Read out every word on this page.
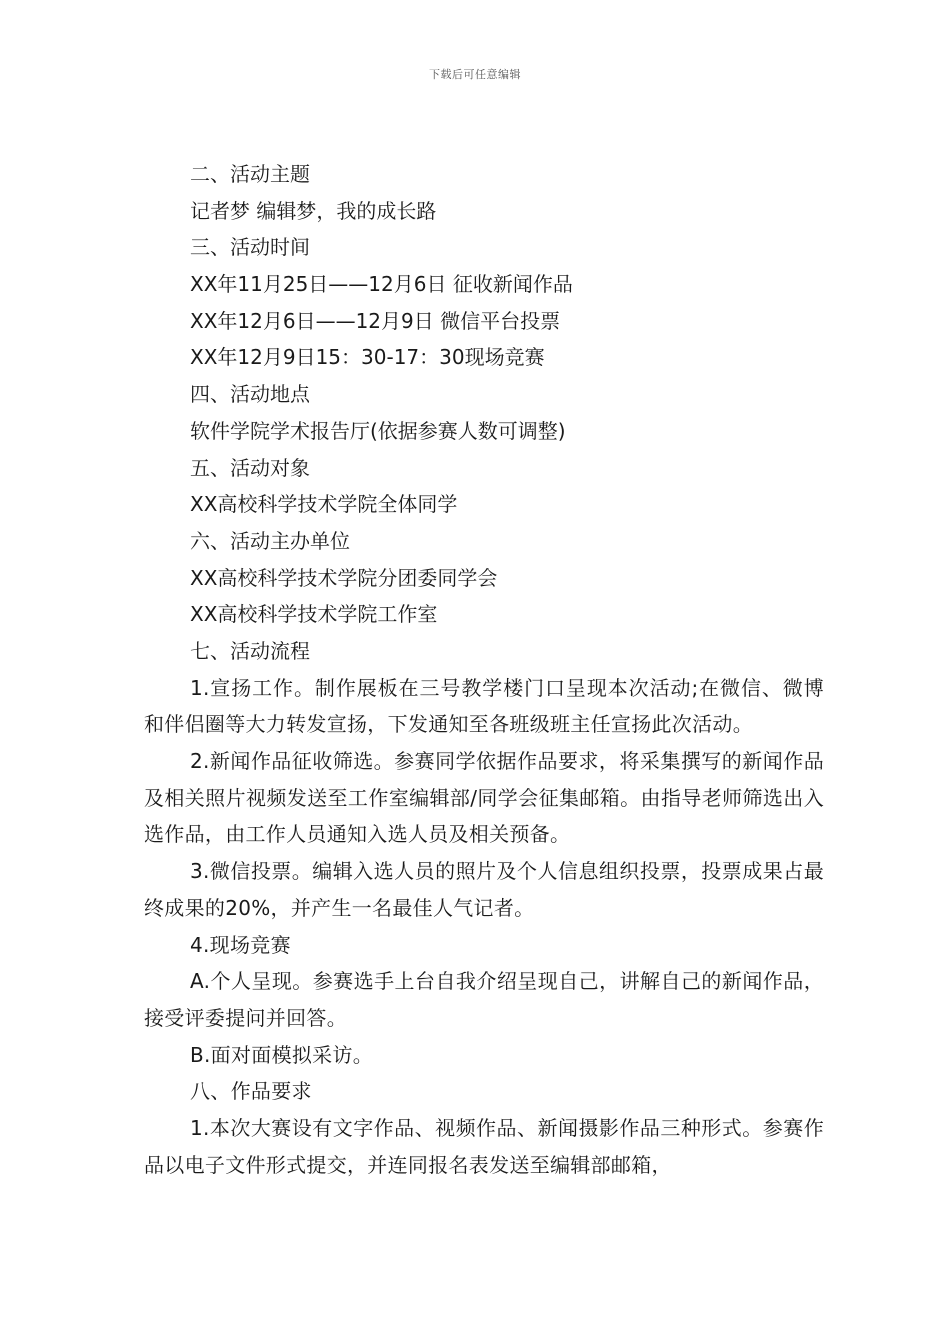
下载后可任意编辑
二、活动主题
记者梦 编辑梦，我的成长路
三、活动时间
XX年11月25日——12月6日 征收新闻作品
XX年12月6日——12月9日 微信平台投票
XX年12月9日15：30-17：30现场竞赛
四、活动地点
软件学院学术报告厅(依据参赛人数可调整)
五、活动对象
XX高校科学技术学院全体同学
六、活动主办单位
XX高校科学技术学院分团委同学会
XX高校科学技术学院工作室
七、活动流程

1.宣扬工作。制作展板在三号教学楼门口呈现本次活动;在微信、微博和伴侣圈等大力转发宣扬，下发通知至各班级班主任宣扬此次活动。

2.新闻作品征收筛选。参赛同学依据作品要求，将采集撰写的新闻作品及相关照片视频发送至工作室编辑部/同学会征集邮箱。由指导老师筛选出入选作品，由工作人员通知入选人员及相关预备。

3.微信投票。编辑入选人员的照片及个人信息组织投票，投票成果占最终成果的20%，并产生一名最佳人气记者。

4.现场竞赛

A.个人呈现。参赛选手上台自我介绍呈现自己，讲解自己的新闻作品，接受评委提问并回答。

B.面对面模拟采访。

八、作品要求

1.本次大赛设有文字作品、视频作品、新闻摄影作品三种形式。参赛作品以电子文件形式提交，并连同报名表发送至编辑部邮箱，
